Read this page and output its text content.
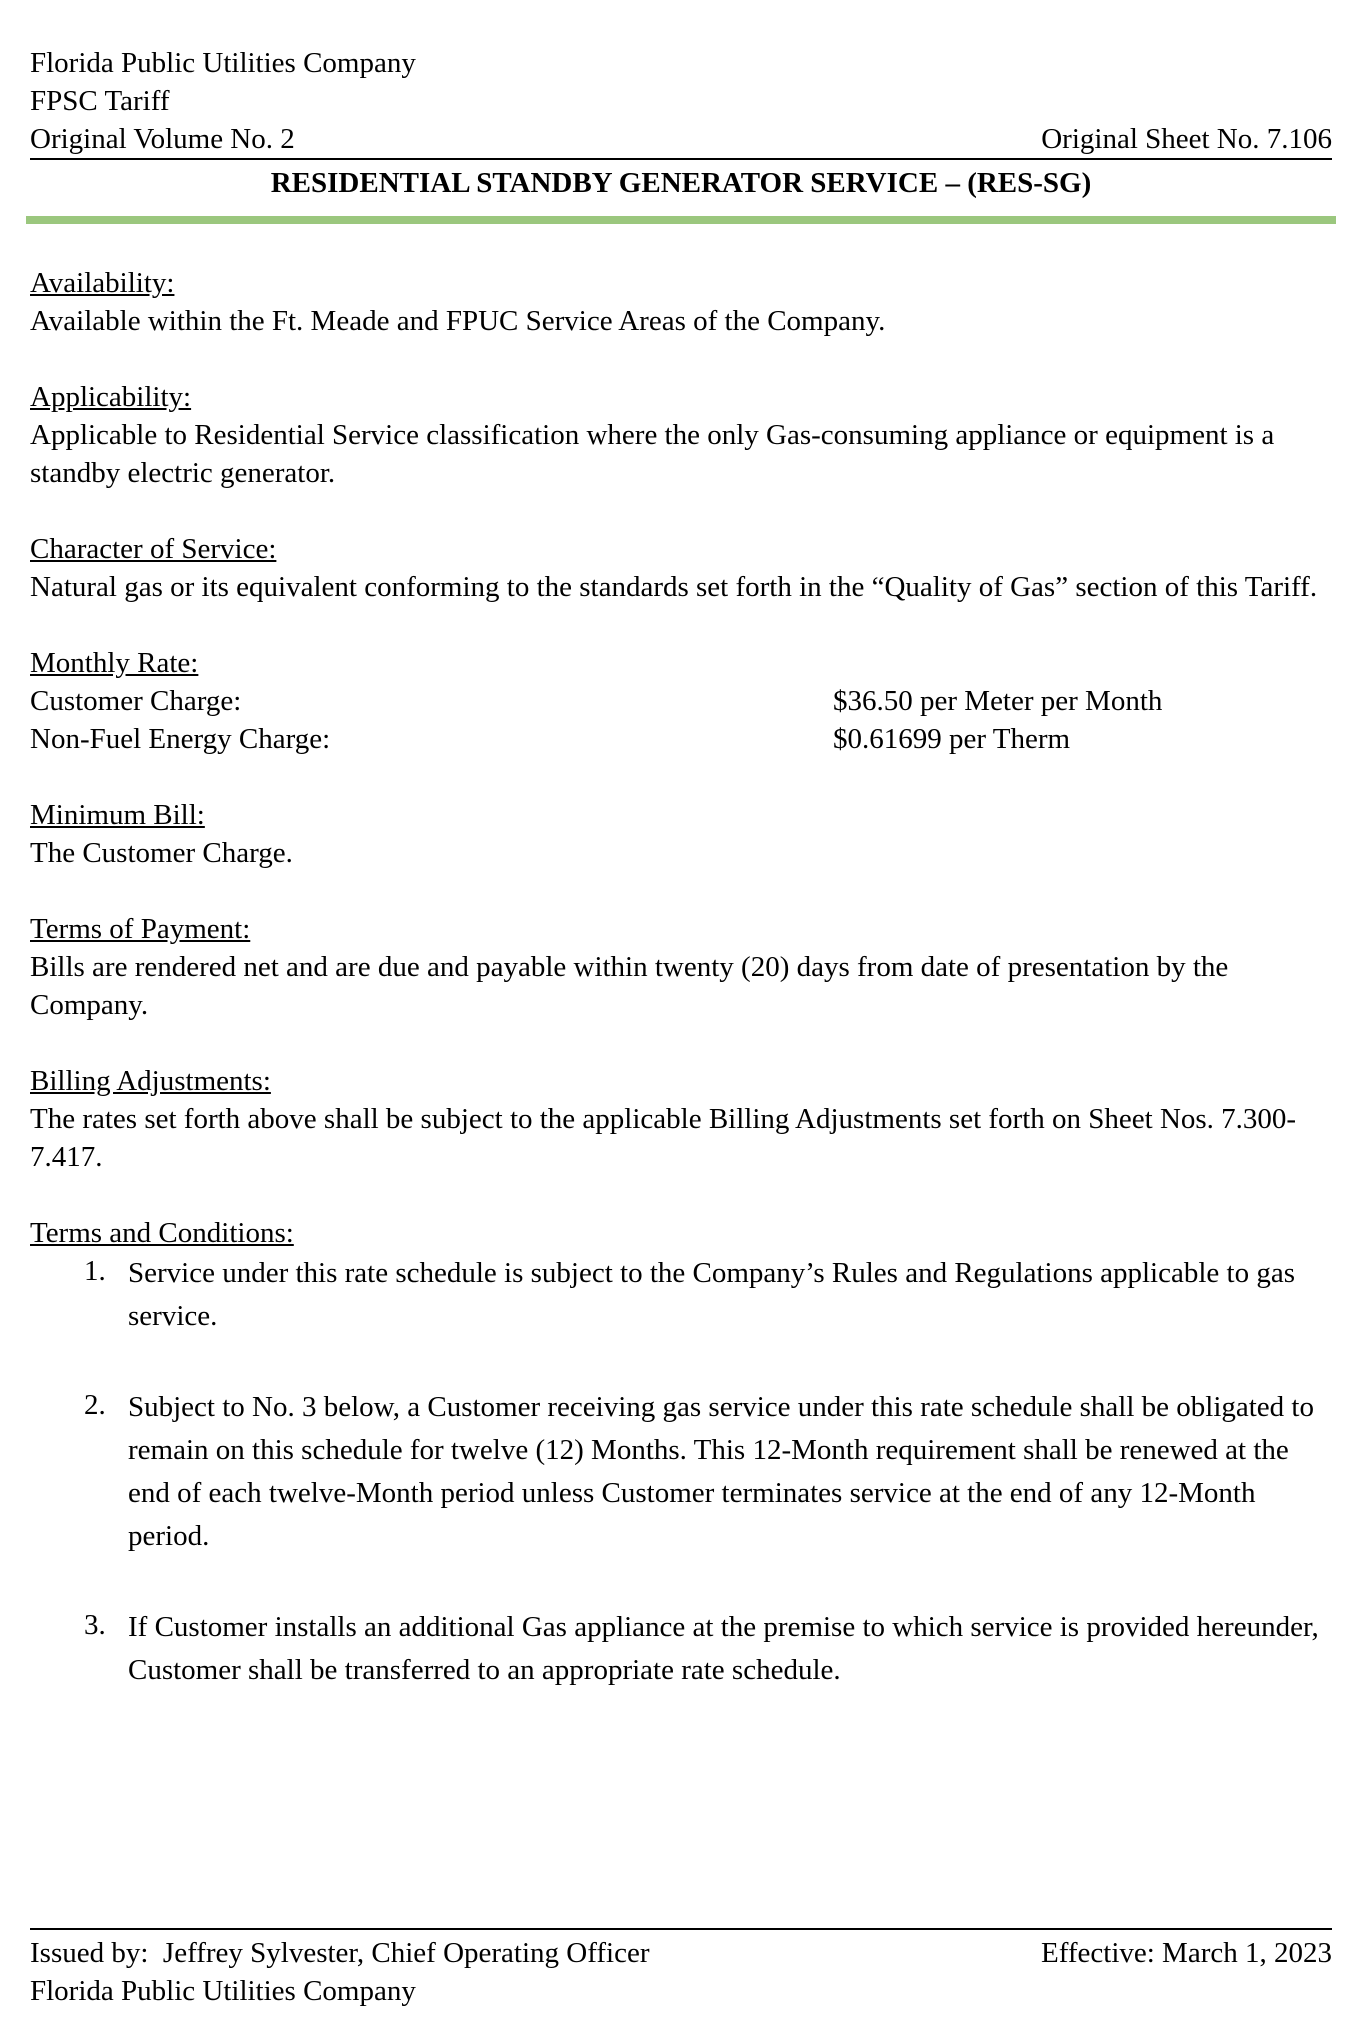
Florida Public Utilities Company
FPSC Tariff
Original Volume No. 2	Original Sheet No. 7.106
RESIDENTIAL STANDBY GENERATOR SERVICE – (RES-SG)
Availability:
Available within the Ft. Meade and FPUC Service Areas of the Company.
Applicability:
Applicable to Residential Service classification where the only Gas-consuming appliance or equipment is a standby electric generator.
Character of Service:
Natural gas or its equivalent conforming to the standards set forth in the “Quality of Gas” section of this Tariff.
Monthly Rate:
Customer Charge:	$36.50 per Meter per Month
Non-Fuel Energy Charge:	$0.61699 per Therm
Minimum Bill:
The Customer Charge.
Terms of Payment:
Bills are rendered net and are due and payable within twenty (20) days from date of presentation by the Company.
Billing Adjustments:
The rates set forth above shall be subject to the applicable Billing Adjustments set forth on Sheet Nos. 7.300-7.417.
Terms and Conditions:
1. Service under this rate schedule is subject to the Company’s Rules and Regulations applicable to gas service.
2. Subject to No. 3 below, a Customer receiving gas service under this rate schedule shall be obligated to remain on this schedule for twelve (12) Months. This 12-Month requirement shall be renewed at the end of each twelve-Month period unless Customer terminates service at the end of any 12-Month period.
3. If Customer installs an additional Gas appliance at the premise to which service is provided hereunder, Customer shall be transferred to an appropriate rate schedule.
Issued by:  Jeffrey Sylvester, Chief Operating Officer	Effective: March 1, 2023
Florida Public Utilities Company
